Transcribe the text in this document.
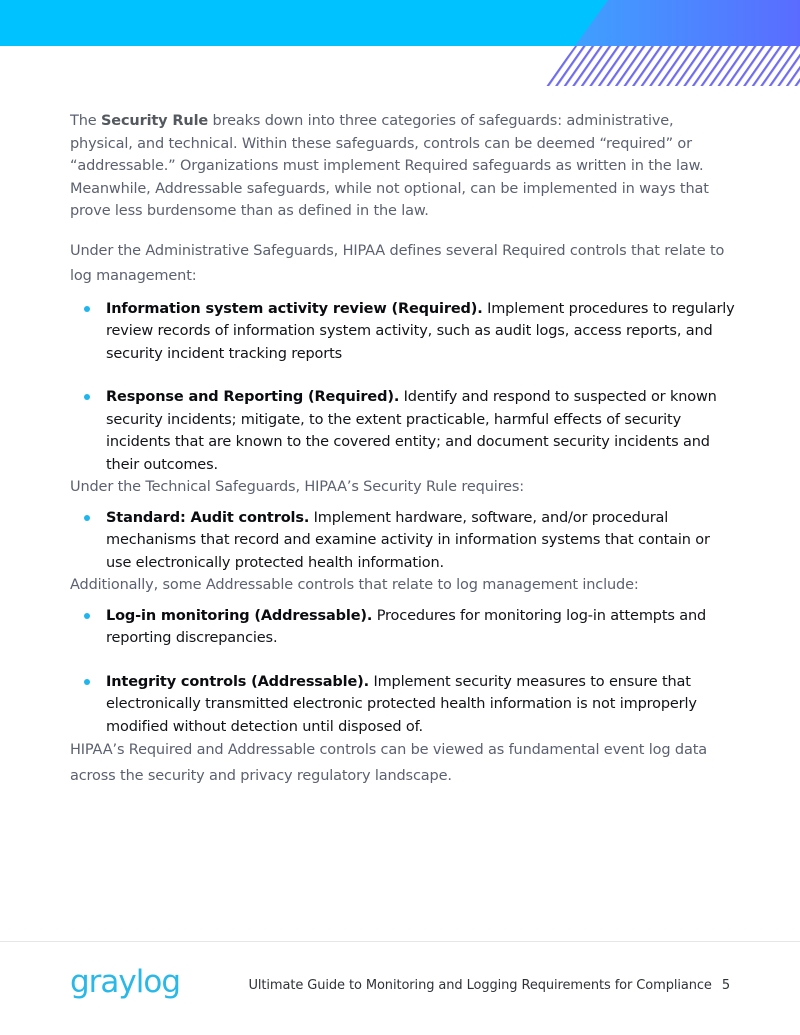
The Security Rule breaks down into three categories of safeguards: administrative, physical, and technical. Within these safeguards, controls can be deemed “required” or “addressable.” Organizations must implement Required safeguards as written in the law. Meanwhile, Addressable safeguards, while not optional, can be implemented in ways that prove less burdensome than as defined in the law.

Under the Administrative Safeguards, HIPAA defines several Required controls that relate to log management:

Information system activity review (Required). Implement procedures to regularly review records of information system activity, such as audit logs, access reports, and security incident tracking reports
Response and Reporting (Required). Identify and respond to suspected or known security incidents; mitigate, to the extent practicable, harmful effects of security incidents that are known to the covered entity; and document security incidents and their outcomes.

Under the Technical Safeguards, HIPAA’s Security Rule requires:

Standard: Audit controls. Implement hardware, software, and/or procedural mechanisms that record and examine activity in information systems that contain or use electronically protected health information.

Additionally, some Addressable controls that relate to log management include:

Log-in monitoring (Addressable). Procedures for monitoring log-in attempts and reporting discrepancies.
Integrity controls (Addressable). Implement security measures to ensure that electronically transmitted electronic protected health information is not improperly modified without detection until disposed of.

HIPAA’s Required and Addressable controls can be viewed as fundamental event log data across the security and privacy regulatory landscape.

graylog	Ultimate Guide to Monitoring and Logging Requirements for Compliance 5
